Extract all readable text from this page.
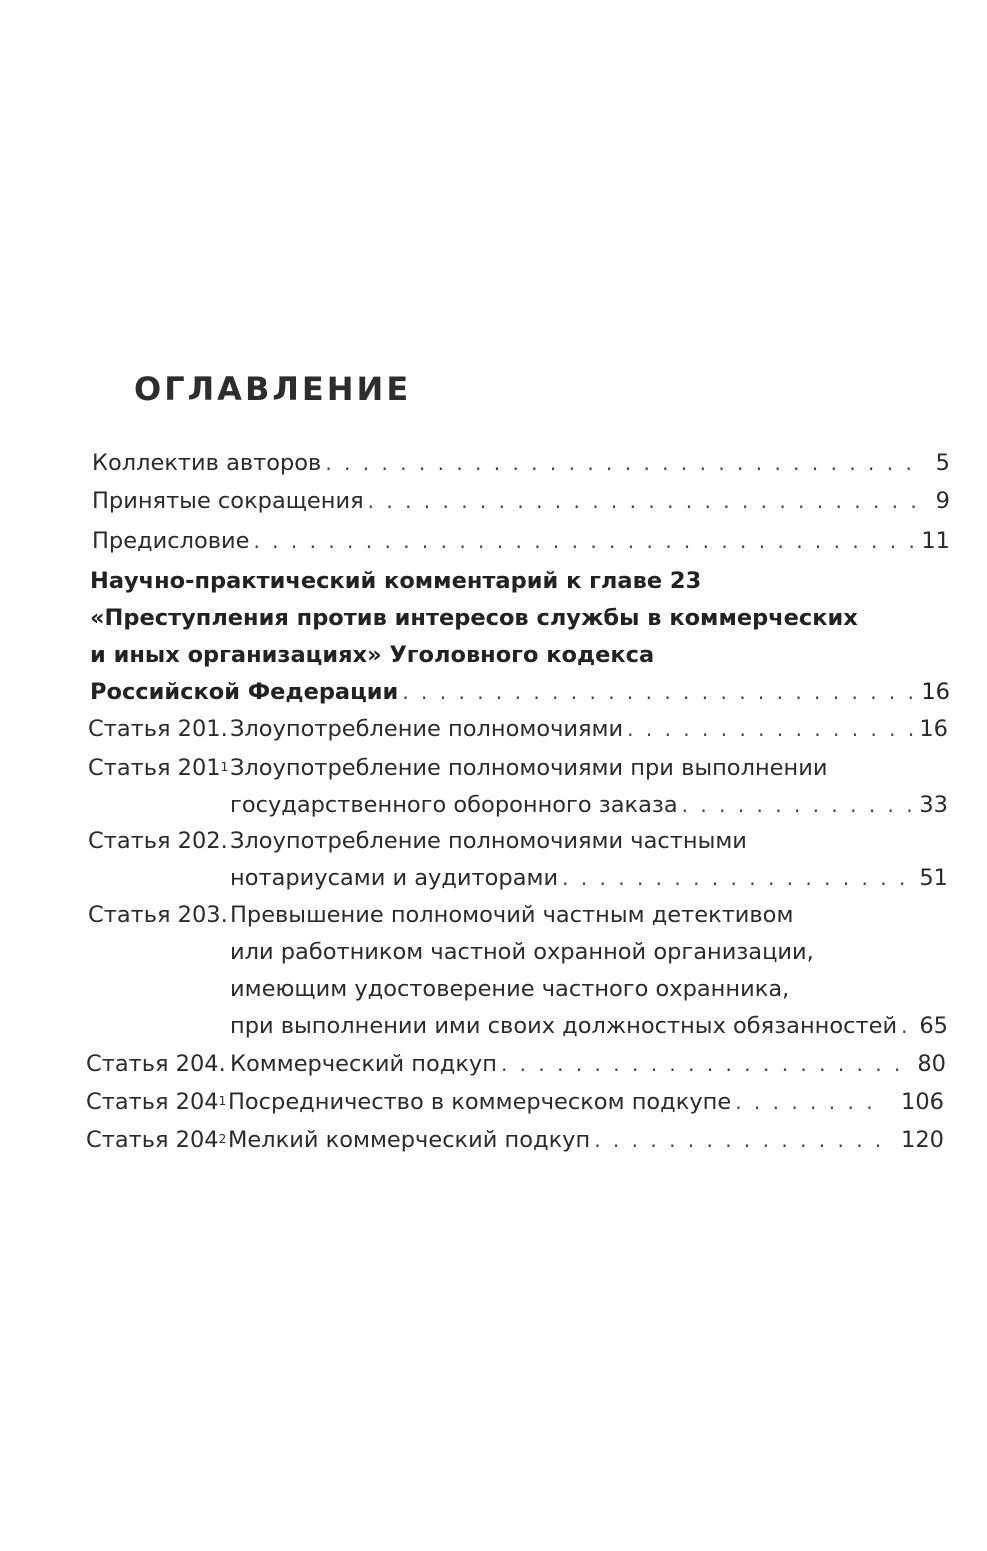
ОГЛАВЛЕНИЕ
Коллектив авторов . . .	5
Принятые сокращения . . .	9
Предисловие . . .	11
Научно-практический комментарий к главе 23
«Преступления против интересов службы в коммерческих
и иных организациях» Уголовного кодекса
Российской Федерации . . .	16
Статья 201. Злоупотребление полномочиями . . .	16
Статья $201^1$ Злоупотребление полномочиями при выполнении
государственного оборонного заказа . . .	33
Статья 202. Злоупотребление полномочиями частными
нотариусами и аудиторами . . .	51
Статья 203. Превышение полномочий частным детективом
или работником частной охранной организации,
имеющим удостоверение частного охранника,
при выполнении ими своих должностных обязанностей . . . 65
Статья 204. Коммерческий подкуп . . .	80
Статья $204^1$ Посредничество в коммерческом подкупе . . .	106
Статья $204^2$ Мелкий коммерческий подкуп . . .	120
